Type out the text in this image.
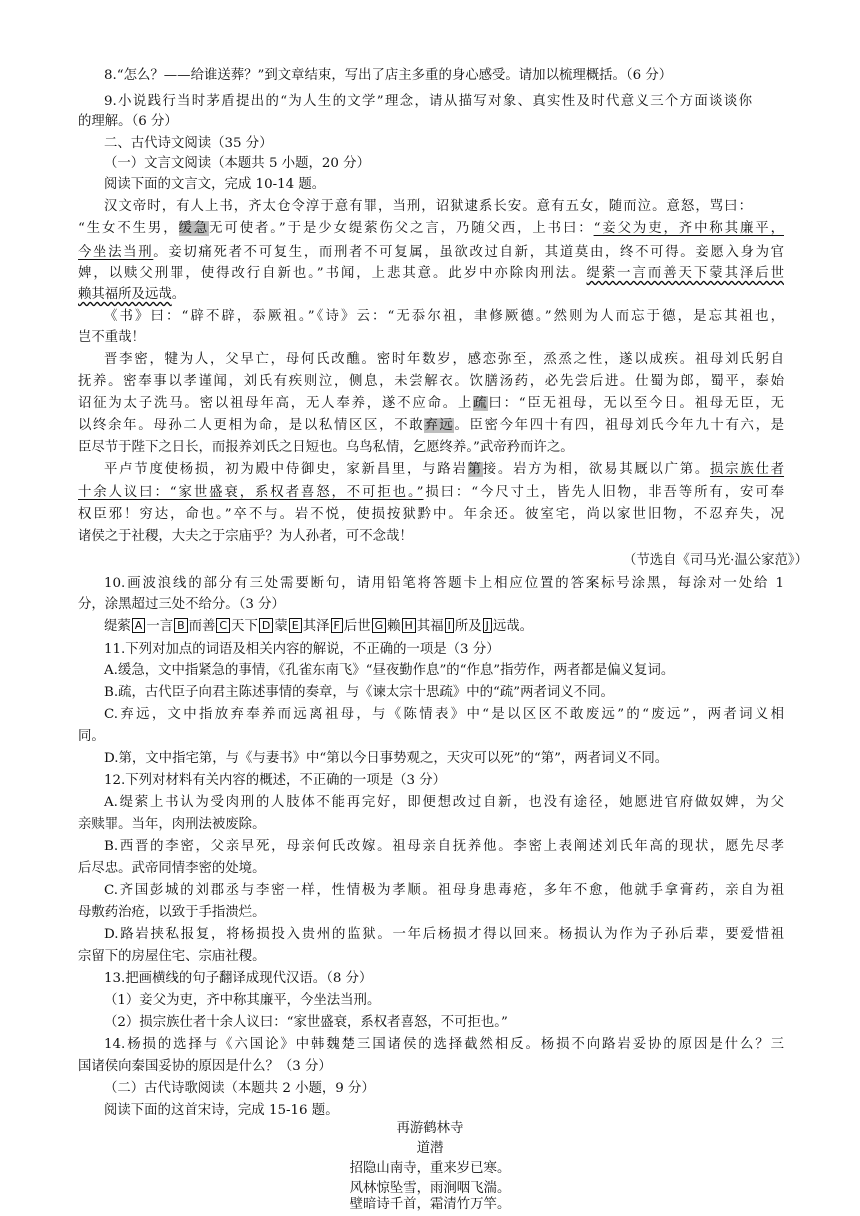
8.“怎么？——给谁送葬？”到文章结束，写出了店主多重的身心感受。请加以梳理概括。（6 分）
9.小说践行当时茅盾提出的“为人生的文学”理念，请从描写对象、真实性及时代意义三个方面谈谈你
的理解。（6 分）
二、古代诗文阅读（35 分）
（一）文言文阅读（本题共 5 小题，20 分）
阅读下面的文言文，完成 10-14 题。
汉文帝时，有人上书，齐太仓令淳于意有罪，当刑，诏狱逮系长安。意有五女，随而泣。意怒，骂曰：
“生女不生男，缓急无可使者。”于是少女缇萦伤父之言，乃随父西，上书曰：“妾父为吏，齐中称其廉平，
今坐法当刑。妾切痛死者不可复生，而刑者不可复属，虽欲改过自新，其道莫由，终不可得。妾愿入身为官
婢，以赎父刑罪，使得改行自新也。”书闻，上悲其意。此岁中亦除肉刑法。缇萦一言而善天下蒙其泽后世
赖其福所及远哉。
《书》曰：“辟不辟，忝厥祖。”《诗》云：“无忝尔祖，聿修厥德。”然则为人而忘于德，是忘其祖也，
岂不重哉！
晋李密，犍为人，父早亡，母何氏改醮。密时年数岁，感恋弥至，烝烝之性，遂以成疾。祖母刘氏躬自
抚养。密奉事以孝谨闻，刘氏有疾则泣，侧息，未尝解衣。饮膳汤药，必先尝后进。仕蜀为郎，蜀平，泰始
诏征为太子洗马。密以祖母年高，无人奉养，遂不应命。上疏曰：“臣无祖母，无以至今日。祖母无臣，无
以终余年。母孙二人更相为命，是以私情区区，不敢弃远。臣密今年四十有四，祖母刘氏今年九十有六，是
臣尽节于陛下之日长，而报养刘氏之日短也。乌鸟私情，乞愿终养。”武帝矜而许之。
平卢节度使杨损，初为殿中侍御史，家新昌里，与路岩第接。岩方为相，欲易其厩以广第。损宗族仕者
十余人议曰：“家世盛衰，系权者喜怒，不可拒也。”损曰：“今尺寸土，皆先人旧物，非吾等所有，安可奉
权臣邪！穷达，命也。”卒不与。岩不悦，使损按狱黔中。年余还。彼室宅，尚以家世旧物，不忍弃失，况
诸侯之于社稷，大夫之于宗庙乎？为人孙者，可不念哉！
（节选自《司马光·温公家范》）
10.画波浪线的部分有三处需要断句，请用铅笔将答题卡上相应位置的答案标号涂黑，每涂对一处给 1
分，涂黑超过三处不给分。（3 分）
缇萦 A 一言 B 而善 C 天下 D 蒙 E 其泽 F 后世 G 赖 H 其福 I 所及 J 远哉。
11.下列对加点的词语及相关内容的解说，不正确的一项是（3 分）
A.缓急，文中指紧急的事情，《孔雀东南飞》“昼夜勤作息”的“作息”指劳作，两者都是偏义复词。
B.疏，古代臣子向君主陈述事情的奏章，与《谏太宗十思疏》中的“疏”两者词义不同。
C.弃远，文中指放弃奉养而远离祖母，与《陈情表》中“是以区区不敢废远”的“废远”，两者词义相
同。
D.第，文中指宅第，与《与妻书》中“第以今日事势观之，天灾可以死”的“第”，两者词义不同。
12.下列对材料有关内容的概述，不正确的一项是（3 分）
A.缇萦上书认为受肉刑的人肢体不能再完好，即便想改过自新，也没有途径，她愿进官府做奴婢，为父
亲赎罪。当年，肉刑法被废除。
B.西晋的李密，父亲早死，母亲何氏改嫁。祖母亲自抚养他。李密上表阐述刘氏年高的现状，愿先尽孝
后尽忠。武帝同情李密的处境。
C.齐国彭城的刘郡丞与李密一样，性情极为孝顺。祖母身患毒疮，多年不愈，他就手拿膏药，亲自为祖
母敷药治疮，以致于手指溃烂。
D.路岩挟私报复，将杨损投入贵州的监狱。一年后杨损才得以回来。杨损认为作为子孙后辈，要爱惜祖
宗留下的房屋住宅、宗庙社稷。
13.把画横线的句子翻译成现代汉语。（8 分）
（1）妾父为吏，齐中称其廉平，今坐法当刑。
（2）损宗族仕者十余人议曰：“家世盛衰，系权者喜怒，不可拒也。”
14.杨损的选择与《六国论》中韩魏楚三国诸侯的选择截然相反。杨损不向路岩妥协的原因是什么？三
国诸侯向秦国妥协的原因是什么？（3 分）
（二）古代诗歌阅读（本题共 2 小题，9 分）
阅读下面的这首宋诗，完成 15-16 题。
再游鹤林寺
道潜
招隐山南寺，重来岁已寒。
风林惊坠雪，雨涧咽飞湍。
壁暗诗千首，霜清竹万竿。
